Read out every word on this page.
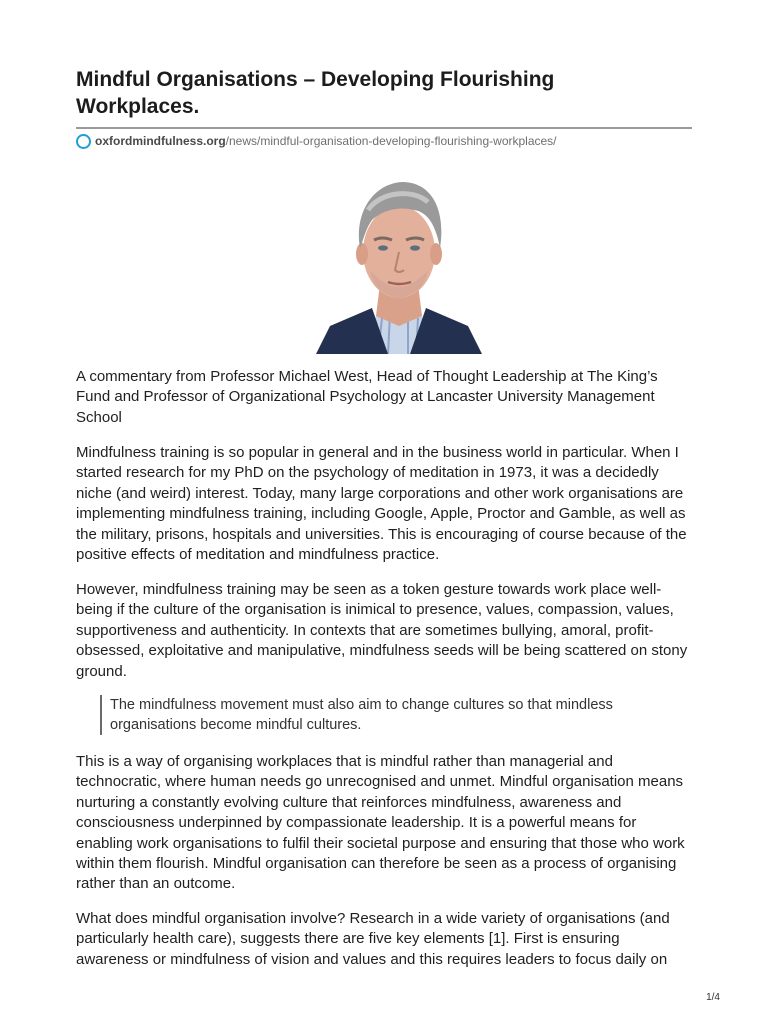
Mindful Organisations – Developing Flourishing Workplaces.
oxfordmindfulness.org /news/mindful-organisation-developing-flourishing-workplaces/

A commentary from Professor Michael West, Head of Thought Leadership at The King’s Fund and Professor of Organizational Psychology at Lancaster University Management School

Mindfulness training is so popular in general and in the business world in particular. When I started research for my PhD on the psychology of meditation in 1973, it was a decidedly niche (and weird) interest. Today, many large corporations and other work organisations are implementing mindfulness training, including Google, Apple, Proctor and Gamble, as well as the military, prisons, hospitals and universities. This is encouraging of course because of the positive effects of meditation and mindfulness practice.

However, mindfulness training may be seen as a token gesture towards work place well-being if the culture of the organisation is inimical to presence, values, compassion, values, supportiveness and authenticity. In contexts that are sometimes bullying, amoral, profit-obsessed, exploitative and manipulative, mindfulness seeds will be being scattered on stony ground.

The mindfulness movement must also aim to change cultures so that mindless organisations become mindful cultures.

This is a way of organising workplaces that is mindful rather than managerial and technocratic, where human needs go unrecognised and unmet. Mindful organisation means nurturing a constantly evolving culture that reinforces mindfulness, awareness and consciousness underpinned by compassionate leadership. It is a powerful means for enabling work organisations to fulfil their societal purpose and ensuring that those who work within them flourish. Mindful organisation can therefore be seen as a process of organising rather than an outcome.

What does mindful organisation involve? Research in a wide variety of organisations (and particularly health care), suggests there are five key elements [1]. First is ensuring awareness or mindfulness of vision and values and this requires leaders to focus daily on

1/4
